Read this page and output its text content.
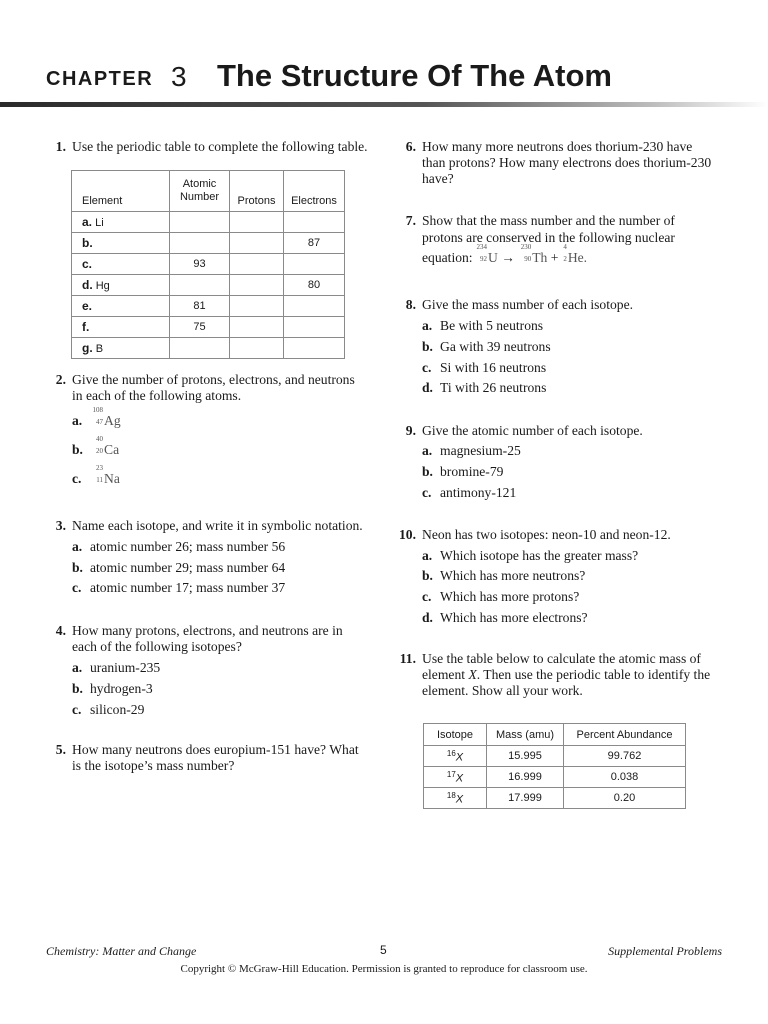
CHAPTER 3 The Structure Of The Atom
1. Use the periodic table to complete the following table.
Element	Atomic Number	Protons	Electrons
a. Li			
b.			87
c.	93		
d. Hg			80
e.	81		
f.	75		
g. B			
2. Give the number of protons, electrons, and neutrons
in each of the following atoms.
a.
108
47 Ag
b.
40
20 Ca
c.
23
11 Na
3. Name each isotope, and write it in symbolic notation.
a. atomic number 26; mass number 56
b. atomic number 29; mass number 64
c. atomic number 17; mass number 37
4. How many protons, electrons, and neutrons are in
each of the following isotopes?
a. uranium-235
b. hydrogen-3
c. silicon-29
5. How many neutrons does europium-151 have? What
is the isotope’s mass number?
6. How many more neutrons does thorium-230 have
than protons? How many electrons does thorium-230
have?
7. Show that the mass number and the number of
protons are conserved in the following nuclear
equation:
234
92 U →
230
90 Th +
4
2 He.
8. Give the mass number of each isotope.
a. Be with 5 neutrons
b. Ga with 39 neutrons
c. Si with 16 neutrons
d. Ti with 26 neutrons
9. Give the atomic number of each isotope.
a. magnesium-25
b. bromine-79
c. antimony-121
10. Neon has two isotopes: neon-10 and neon-12.
a. Which isotope has the greater mass?
b. Which has more neutrons?
c. Which has more protons?
d. Which has more electrons?
11. Use the table below to calculate the atomic mass of
element X. Then use the periodic table to identify the
element. Show all your work.
Isotope	Mass (amu)	Percent Abundance
$^{16}$X	15.995	99.762
$^{17}$X	16.999	0.038
$^{18}$X	17.999	0.20
Chemistry: Matter and Change	5	Supplemental Problems
Copyright © McGraw-Hill Education. Permission is granted to reproduce for classroom use.
